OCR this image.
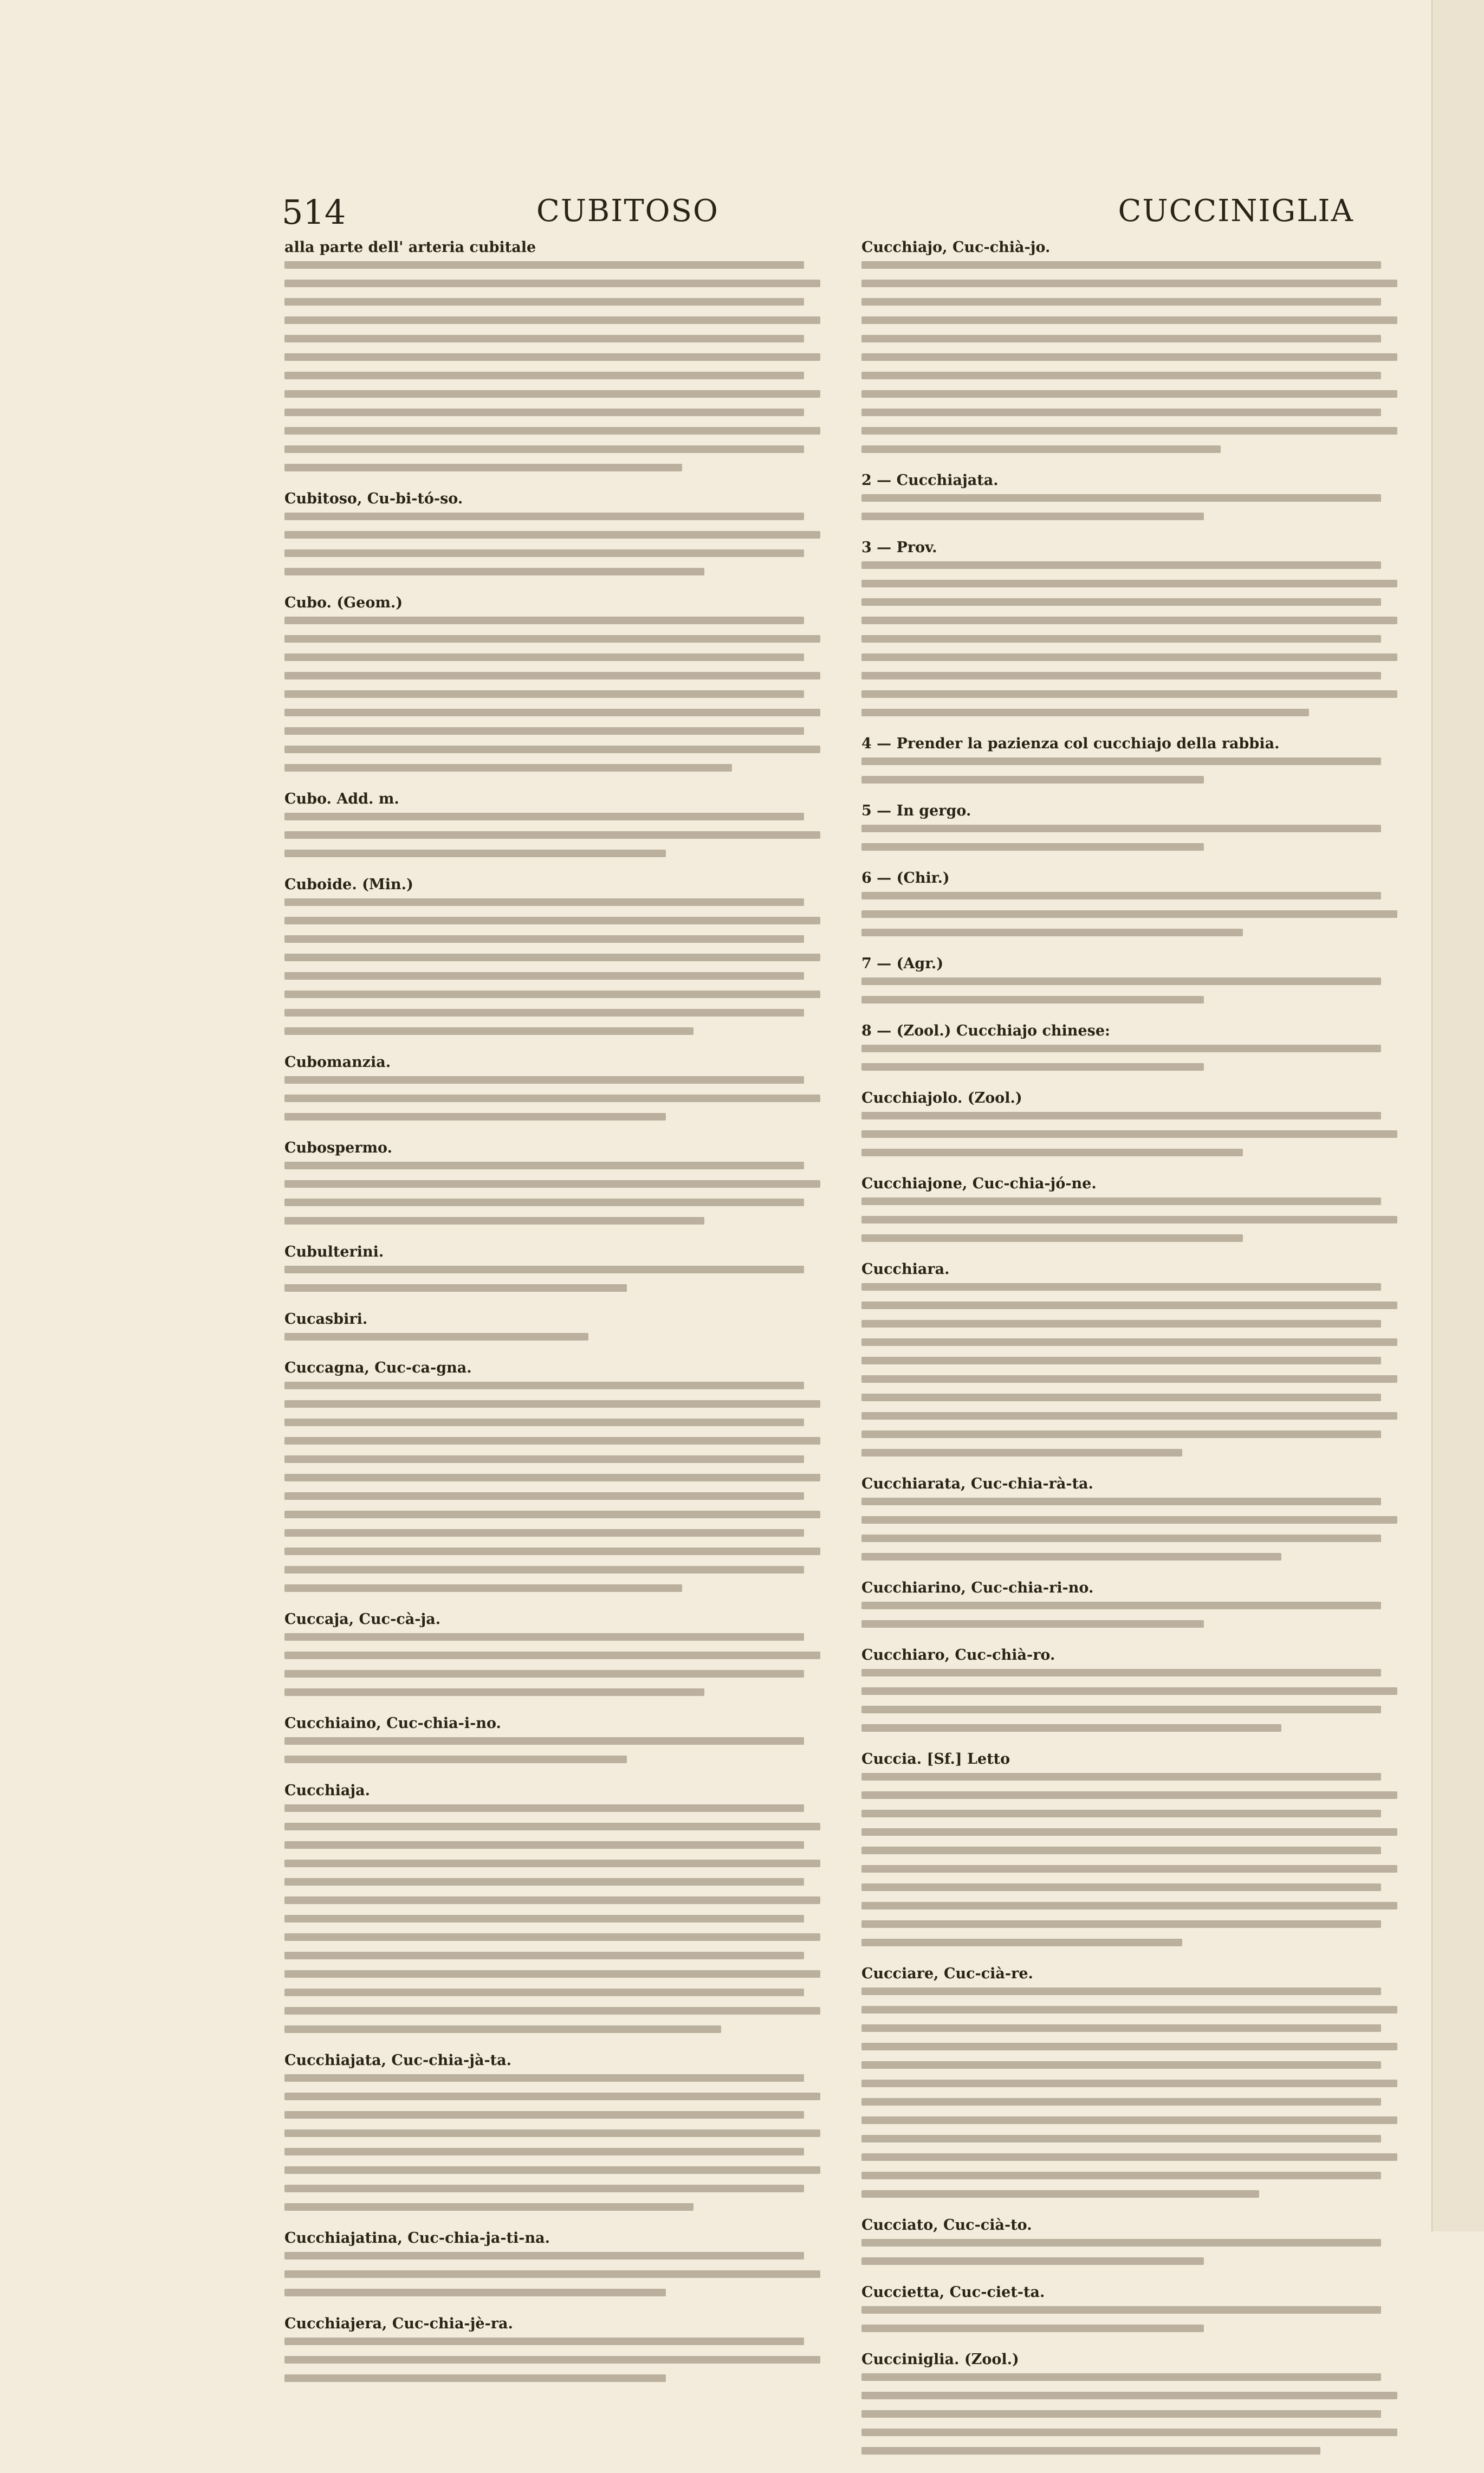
514	CUBITOSO	CUCCINIGLIA
alla parte dell' arteria cubitale
Cubitoso, Cu-bi-tó-so.
Cubo. (Geom.)
Cubo. Add. m.
Cuboide. (Min.)
Cubomanzia.
Cubospermo.
Cubulterini.
Cucasbiri.
Cuccagna, Cuc-ca-gna.
Cuccaja, Cuc-cà-ja.
Cucchiaino, Cuc-chia-i-no.
Cucchiaja.
Cucchiajata, Cuc-chia-jà-ta.
Cucchiajatina, Cuc-chia-ja-ti-na.
Cucchiajera, Cuc-chia-jè-ra.
Cucchiajo, Cuc-chià-jo.
2 — Cucchiajata.
3 — Prov.
4 — Prender la pazienza col cucchiajo della rabbia.
5 — In gergo.
6 — (Chir.)
7 — (Agr.)
8 — (Zool.) Cucchiajo chinese:
Cucchiajolo. (Zool.)
Cucchiajone, Cuc-chia-jó-ne.
Cucchiara.
Cucchiarata, Cuc-chia-rà-ta.
Cucchiarino, Cuc-chia-ri-no.
Cucchiaro, Cuc-chià-ro.
Cuccia. [Sf.] Letto
Cucciare, Cuc-cià-re.
Cucciato, Cuc-cià-to.
Cuccietta, Cuc-ciet-ta.
Cucciniglia. (Zool.)
